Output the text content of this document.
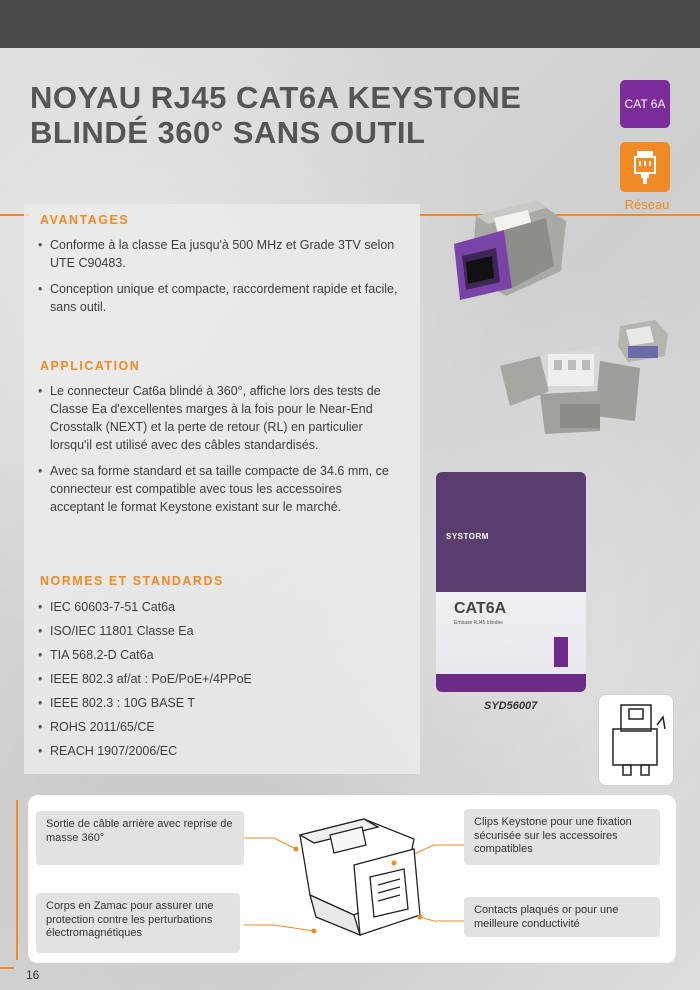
NOYAU RJ45 CAT6A KEYSTONE
BLINDÉ 360° SANS OUTIL
CAT 6A
Réseau
AVANTAGES
• Conforme à la classe Ea jusqu'à 500 MHz et Grade 3TV selon UTE C90483.
• Conception unique et compacte, raccordement rapide et facile, sans outil.
APPLICATION
• Le connecteur Cat6a blindé à 360°, affiche lors des tests de Classe Ea d'excellentes marges à la fois pour le Near-End Crosstalk (NEXT) et la perte de retour (RL) en particulier lorsqu'il est utilisé avec des câbles standardisés.
• Avec sa forme standard et sa taille compacte de 34.6 mm, ce connecteur est compatible avec tous les accessoires acceptant le format Keystone existant sur le marché.
NORMES ET STANDARDS
• IEC 60603-7-51 Cat6a
• ISO/IEC 11801 Classe Ea
• TIA 568.2-D Cat6a
• IEEE 802.3 af/at : PoE/PoE+/4PPoE
• IEEE 802.3 : 10G BASE T
• ROHS 2011/65/CE
• REACH 1907/2006/EC
SYSTORM
CAT6A
Embase RJ45 blindée
SYD56007
Sortie de câble arrière avec reprise de masse 360°
Corps en Zamac pour assurer une protection contre les perturbations électromagnétiques
Clips Keystone pour une fixation sécurisée sur les accessoires compatibles
Contacts plaqués or pour une meilleure conductivité
16
